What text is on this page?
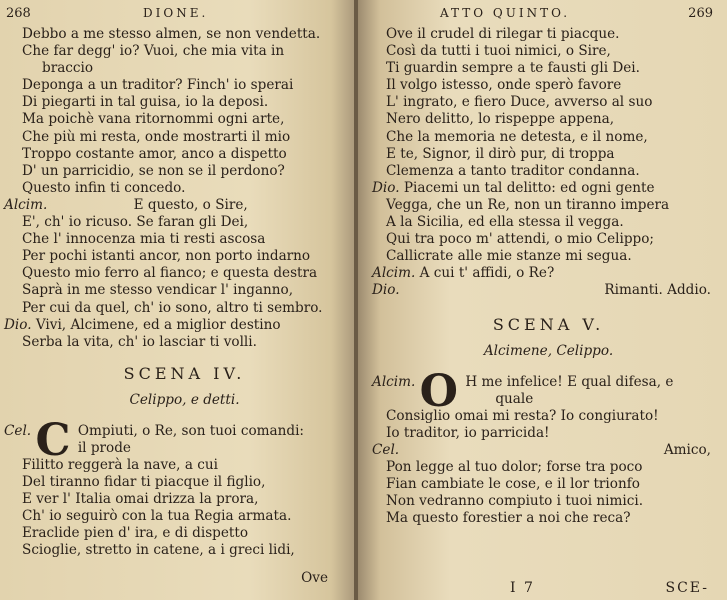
268	DIONE.
Debbo a me stesso almen, se non vendetta.
Che far degg' io? Vuoi, che mia vita in
braccio
Deponga a un traditor? Finch' io sperai
Di piegarti in tal guisa, io la deposi.
Ma poichè vana ritornommi ogni arte,
Che più mi resta, onde mostrarti il mio
Troppo costante amor, anco a dispetto
D' un parricidio, se non se il perdono?
Questo infin ti concedo.
Alcim.	E questo, o Sire,
E', ch' io ricuso. Se faran gli Dei,
Che l' innocenza mia ti resti ascosa
Per pochi istanti ancor, non porto indarno
Questo mio ferro al fianco; e questa destra
Saprà in me stesso vendicar l' inganno,
Per cui da quel, ch' io sono, altro ti sembro.
Dio. Vivi, Alcimene, ed a miglior destino
Serba la vita, ch' io lasciar ti volli.
SCENA IV.
Celippo, e detti.
Cel. C Ompiuti, o Re, son tuoi comandi:
il prode
Filitto reggerà la nave, a cui
Del tiranno fidar ti piacque il figlio,
E ver l' Italia omai drizza la prora,
Ch' io seguirò con la tua Regia armata.
Eraclide pien d' ira, e di dispetto
Scioglie, stretto in catene, a i greci lidi,
Ove
ATTO QUINTO.	269
Ove il crudel di rilegar ti piacque.
Così da tutti i tuoi nimici, o Sire,
Ti guardin sempre a te fausti gli Dei.
Il volgo istesso, onde sperò favore
L' ingrato, e fiero Duce, avverso al suo
Nero delitto, lo rispeppe appena,
Che la memoria ne detesta, e il nome,
E te, Signor, il dirò pur, di troppa
Clemenza a tanto traditor condanna.
Dio. Piacemi un tal delitto: ed ogni gente
Vegga, che un Re, non un tiranno impera
A la Sicilia, ed ella stessa il vegga.
Qui tra poco m' attendi, o mio Celippo;
Callicrate alle mie stanze mi segua.
Alcim. A cui t' affidi, o Re?
Dio.	Rimanti. Addio.
SCENA V.
Alcimene, Celippo.
Alcim. O H me infelice! E qual difesa, e
quale
Consiglio omai mi resta? Io congiurato!
Io traditor, io parricida!
Cel.	Amico,
Pon legge al tuo dolor; forse tra poco
Fian cambiate le cose, e il lor trionfo
Non vedranno compiuto i tuoi nimici.
Ma questo forestier a noi che reca?
I 7	SCE-
